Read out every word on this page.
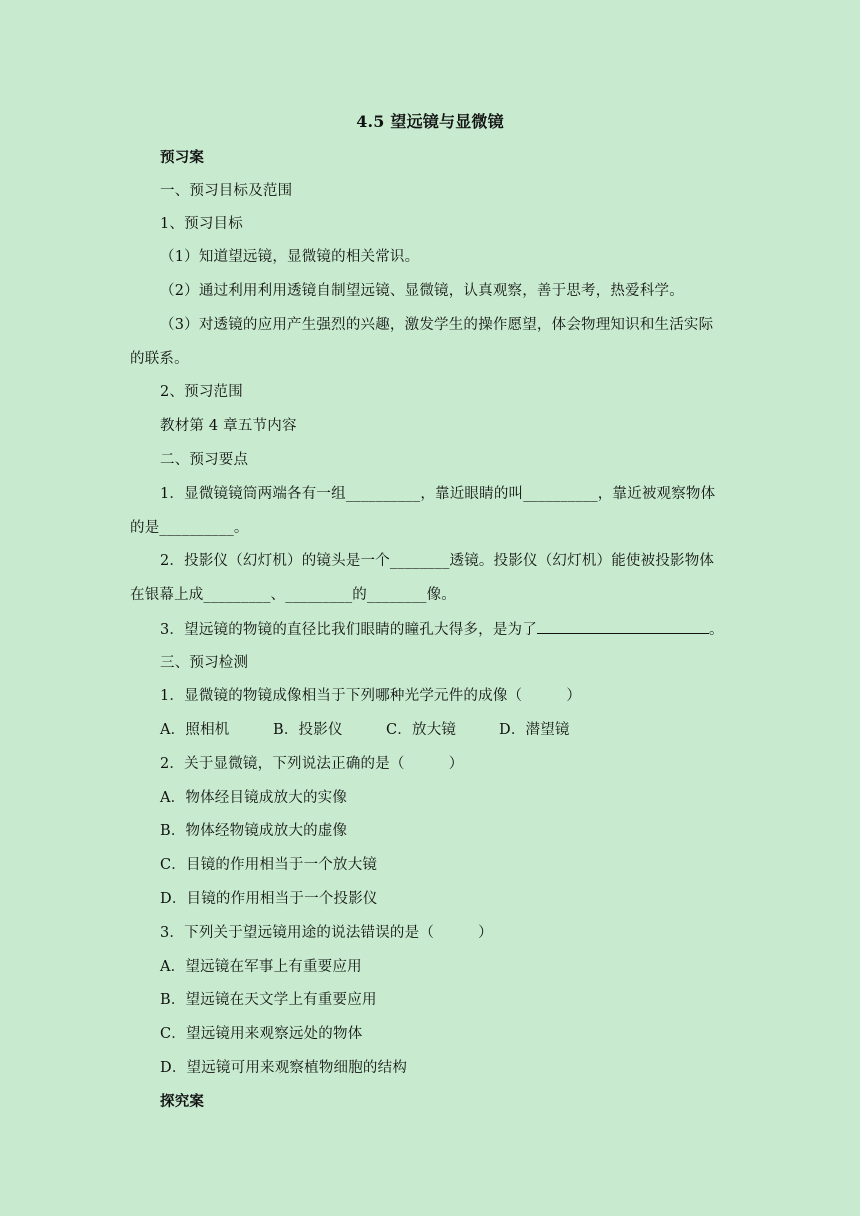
4.5 望远镜与显微镜
预习案
一、预习目标及范围
1、预习目标
（1）知道望远镜，显微镜的相关常识。
（2）通过利用利用透镜自制望远镜、显微镜，认真观察，善于思考，热爱科学。
（3）对透镜的应用产生强烈的兴趣，激发学生的操作愿望，体会物理知识和生活实际
的联系。
2、预习范围
教材第 4 章五节内容
二、预习要点
1．显微镜镜筒两端各有一组__________，靠近眼睛的叫__________，靠近被观察物体
的是__________。
2．投影仪（幻灯机）的镜头是一个________透镜。投影仪（幻灯机）能使被投影物体
在银幕上成_________、_________的________像。
3．望远镜的物镜的直径比我们眼睛的瞳孔大得多，是为了	。
三、预习检测
1．显微镜的物镜成像相当于下列哪种光学元件的成像（　　　）
A．照相机	B．投影仪	C．放大镜	D．潜望镜
2．关于显微镜，下列说法正确的是（　　　）
A．物体经目镜成放大的实像
B．物体经物镜成放大的虚像
C．目镜的作用相当于一个放大镜
D．目镜的作用相当于一个投影仪
3．下列关于望远镜用途的说法错误的是（　　　）
A．望远镜在军事上有重要应用
B．望远镜在天文学上有重要应用
C．望远镜用来观察远处的物体
D．望远镜可用来观察植物细胞的结构
探究案
